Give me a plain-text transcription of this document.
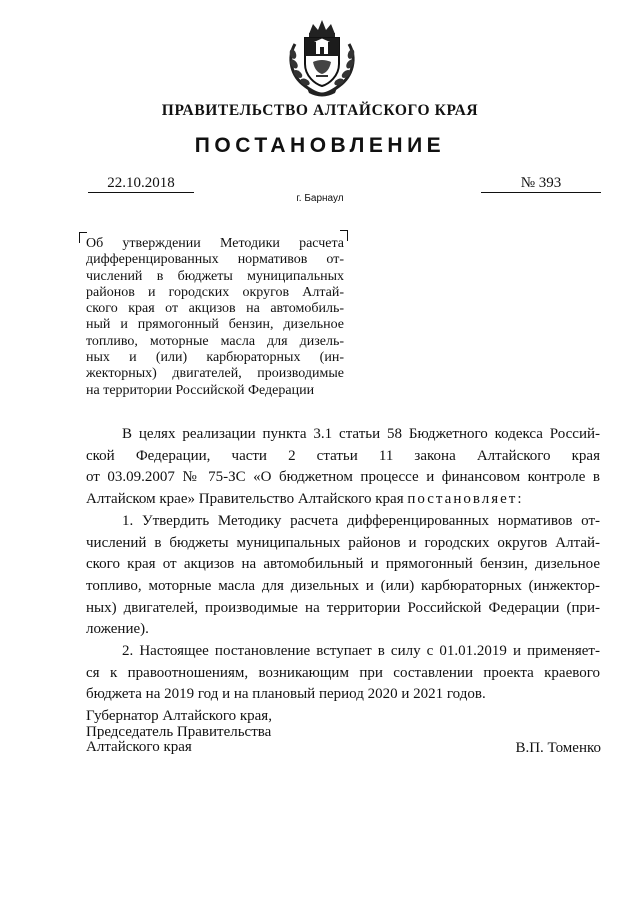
ПРАВИТЕЛЬСТВО АЛТАЙСКОГО КРАЯ
ПОСТАНОВЛЕНИЕ
22.10.2018	№ 393
г. Барнаул
Об утверждении Методики расчета
дифференцированных нормативов от-
числений в бюджеты муниципальных
районов и городских округов Алтай-
ского края от акцизов на автомобиль-
ный и прямогонный бензин, дизельное
топливо, моторные масла для дизель-
ных и (или) карбюраторных (ин-
жекторных) двигателей, производимые
на территории Российской Федерации
В целях реализации пункта 3.1 статьи 58 Бюджетного кодекса Россий-
ской Федерации, части 2 статьи 11 закона Алтайского края
от 03.09.2007 № 75-ЗС «О бюджетном процессе и финансовом контроле в
Алтайском крае» Правительство Алтайского края постановляет:
1. Утвердить Методику расчета дифференцированных нормативов от-
числений в бюджеты муниципальных районов и городских округов Алтай-
ского края от акцизов на автомобильный и прямогонный бензин, дизельное
топливо, моторные масла для дизельных и (или) карбюраторных (инжектор-
ных) двигателей, производимые на территории Российской Федерации (при-
ложение).
2. Настоящее постановление вступает в силу с 01.01.2019 и применяет-
ся к правоотношениям, возникающим при составлении проекта краевого
бюджета на 2019 год и на плановый период 2020 и 2021 годов.
Губернатор Алтайского края,
Председатель Правительства
Алтайского края	В.П. Томенко
